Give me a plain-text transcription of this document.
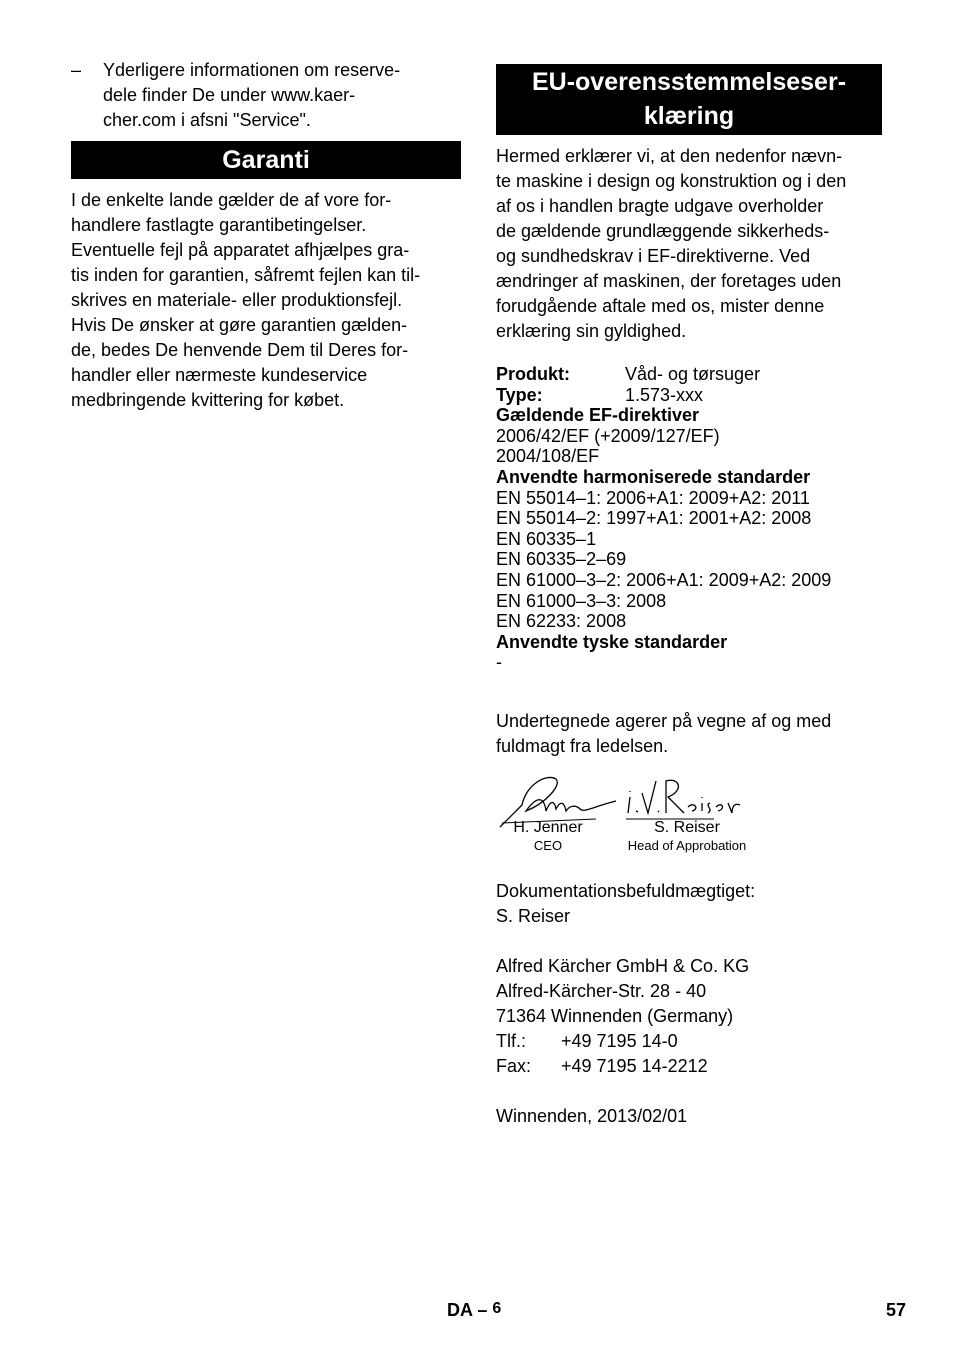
– Yderligere informationen om reserve-
dele finder De under www.kaer-
cher.com i afsni "Service".
Garanti
I de enkelte lande gælder de af vore for-
handlere fastlagte garantibetingelser.
Eventuelle fejl på apparatet afhjælpes gra-
tis inden for garantien, såfremt fejlen kan til-
skrives en materiale- eller produktionsfejl.
Hvis De ønsker at gøre garantien gælden-
de, bedes De henvende Dem til Deres for-
handler eller nærmeste kundeservice
medbringende kvittering for købet.
EU-overensstemmelseser-
klæring
Hermed erklærer vi, at den nedenfor nævn-
te maskine i design og konstruktion og i den
af os i handlen bragte udgave overholder
de gældende grundlæggende sikkerheds-
og sundhedskrav i EF-direktiverne. Ved
ændringer af maskinen, der foretages uden
forudgående aftale med os, mister denne
erklæring sin gyldighed.
Produkt:	Våd- og tørsuger
Type:	1.573-xxx
Gældende EF-direktiver
2006/42/EF (+2009/127/EF)
2004/108/EF
Anvendte harmoniserede standarder
EN 55014–1: 2006+A1: 2009+A2: 2011
EN 55014–2: 1997+A1: 2001+A2: 2008
EN 60335–1
EN 60335–2–69
EN 61000–3–2: 2006+A1: 2009+A2: 2009
EN 61000–3–3: 2008
EN 62233: 2008
Anvendte tyske standarder
-
Undertegnede agerer på vegne af og med
fuldmagt fra ledelsen.
H. Jenner
CEO
S. Reiser
Head of Approbation
Dokumentationsbefuldmægtiget:
S. Reiser
Alfred Kärcher GmbH & Co. KG
Alfred-Kärcher-Str. 28 - 40
71364 Winnenden (Germany)
Tlf.:	+49 7195 14-0
Fax:	+49 7195 14-2212
Winnenden, 2013/02/01
DA – 6	57
